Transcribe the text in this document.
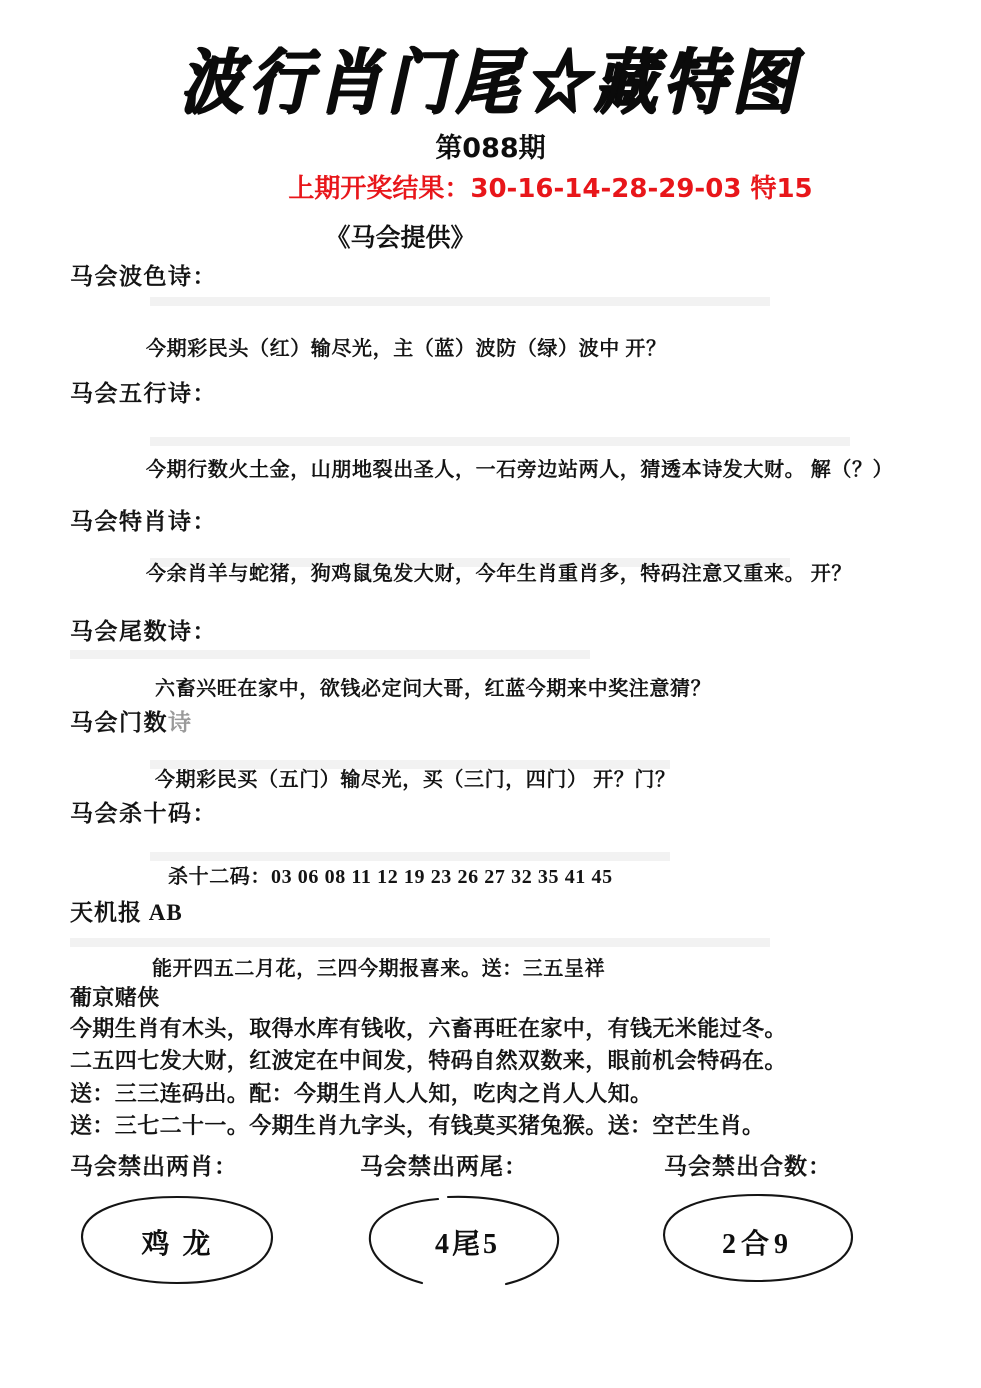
波行肖门尾☆藏特图
第088期
上期开奖结果：30-16-14-28-29-03 特15
《马会提供》
马会波色诗：
今期彩民头（红）输尽光，主（蓝）波防（绿）波中 开？
马会五行诗：
今期行数火土金，山朋地裂出圣人，一石旁边站两人，猜透本诗发大财。 解（？）
马会特肖诗：
今余肖羊与蛇猪，狗鸡鼠兔发大财，今年生肖重肖多，特码注意又重来。 开？
马会尾数诗：
六畜兴旺在家中，欲钱必定问大哥，红蓝今期来中奖注意猜？
马会门数诗
今期彩民买（五门）输尽光，买（三门，四门） 开？门？
马会杀十码：
杀十二码：03 06 08 11 12 19 23 26 27 32 35 41 45
天机报 AB
能开四五二月花，三四今期报喜来。送：三五呈祥
葡京赌侠
今期生肖有木头，取得水库有钱收，六畜再旺在家中，有钱无米能过冬。
二五四七发大财，红波定在中间发，特码自然双数来，眼前机会特码在。
送：三三连码出。配：今期生肖人人知，吃肉之肖人人知。
送：三七二十一。今期生肖九字头，有钱莫买猪兔猴。送：空芒生肖。
马会禁出两肖：
鸡 龙
马会禁出两尾：
4尾5
马会禁出合数：
2合9
